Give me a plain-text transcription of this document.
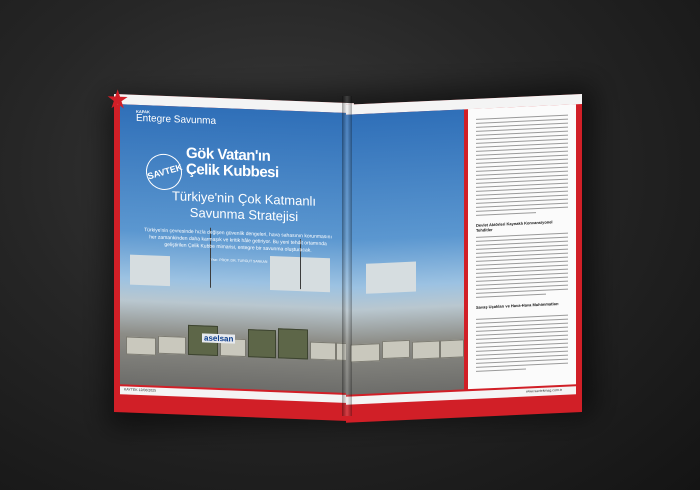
★	KAPAK
Entegre Savunma
SAVTEK
Gök Vatan'ın
Çelik Kubbesi
Türkiye'nin Çok Katmanlı
Savunma Stratejisi
Türkiye'nin çevresinde hızla değişen güvenlik dengeleri, hava sahasının korunmasını her zamankinden daha karmaşık ve kritik hâle getiriyor. Bu yeni tehdit ortamında geliştirilen Çelik Kubbe mimarisi, entegre bir savunma oluşturacak.
Yazı: PROF. DR. TURGUT SARKAN
aselsan
KAYTEK 12/06/2025
Devlet Aktörleri Kaynaklı Konvansiyonel Tehditler
Savaş Uçakları ve Hava-Hava Muhimmatları
www.savtekmag.com.tr
